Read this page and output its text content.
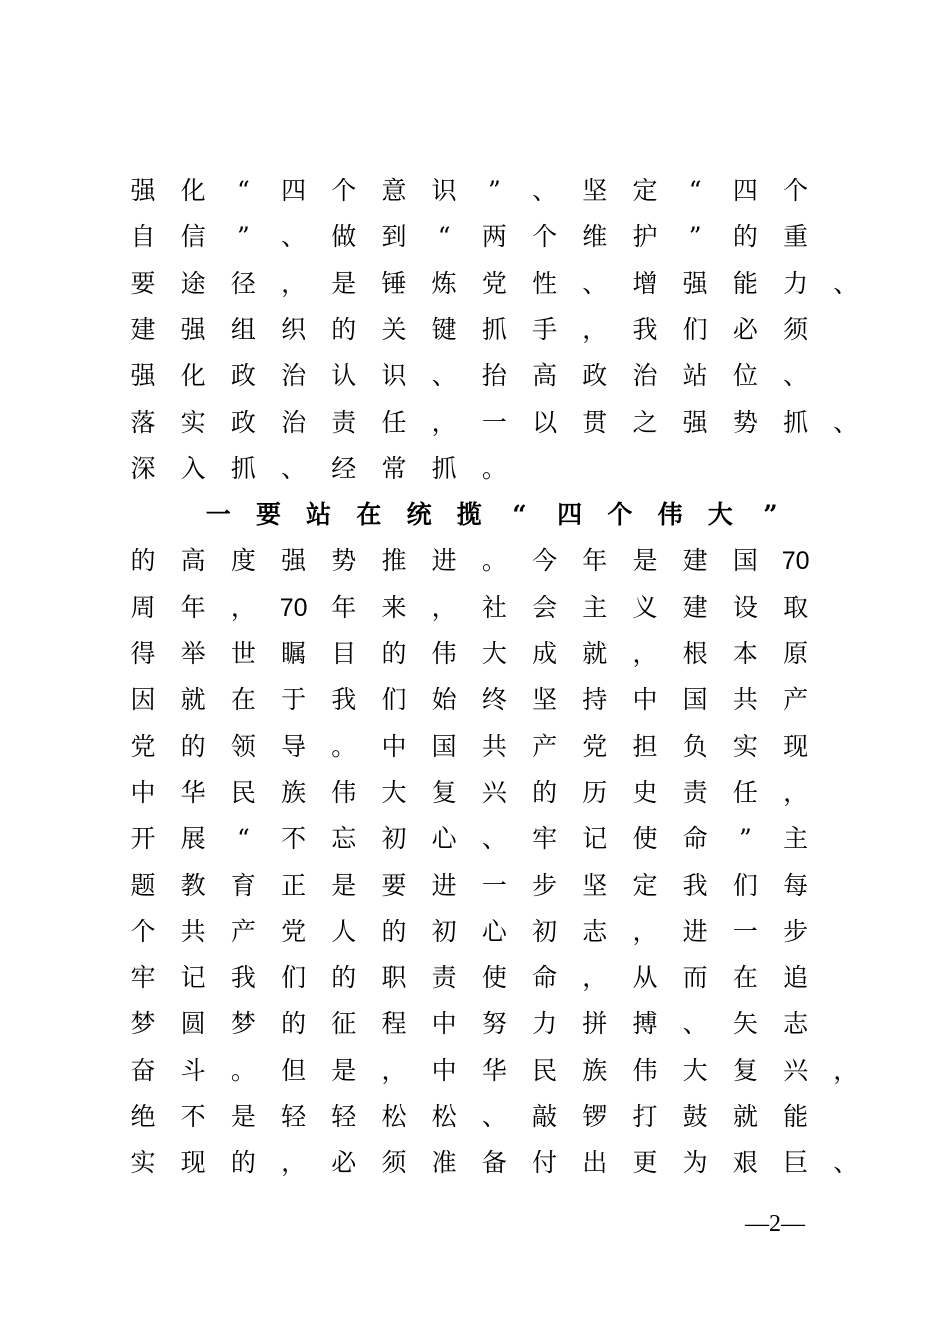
强 化	“	四 个 意 识	”	、 坚 定	“	四 个
自 信	”	、 做 到	“	两 个 维 护	”	的 重
要 途 径 ， 是 锤 炼 党 性 、 增 强 能 力 、
建 强 组 织 的 关 键 抓 手 ， 我 们 必 须
强 化 政 治 认 识 、 抬 高 政 治 站 位 、
落 实 政 治 责 任 ， 一 以 贯 之 强 势 抓 、
深 入 抓 、 经 常 抓 。
一 要 站 在 统 揽	“	四 个 伟 大	”
的 高 度 强 势 推 进 。 今 年 是 建 国 70
周 年 ， 70 年 来 ， 社 会 主 义 建 设 取
得 举 世 瞩 目 的 伟 大 成 就 ， 根 本 原
因 就 在 于 我 们 始 终 坚 持 中 国 共 产
党 的 领 导 。 中 国 共 产 党 担 负 实 现
中 华 民 族 伟 大 复 兴 的 历 史 责 任 ，
开 展	“	不 忘 初 心 、 牢 记 使 命	”	主
题 教 育 正 是 要 进 一 步 坚 定 我 们 每
个 共 产 党 人 的 初 心 初 志 ， 进 一 步
牢 记 我 们 的 职 责 使 命 ， 从 而 在 追
梦 圆 梦 的 征 程 中 努 力 拼 搏 、 矢 志
奋 斗 。 但 是 ， 中 华 民 族 伟 大 复 兴 ，
绝 不 是 轻 轻 松 松 、 敲 锣 打 鼓 就 能
实 现 的 ， 必 须 准 备 付 出 更 为 艰 巨 、
—2—
